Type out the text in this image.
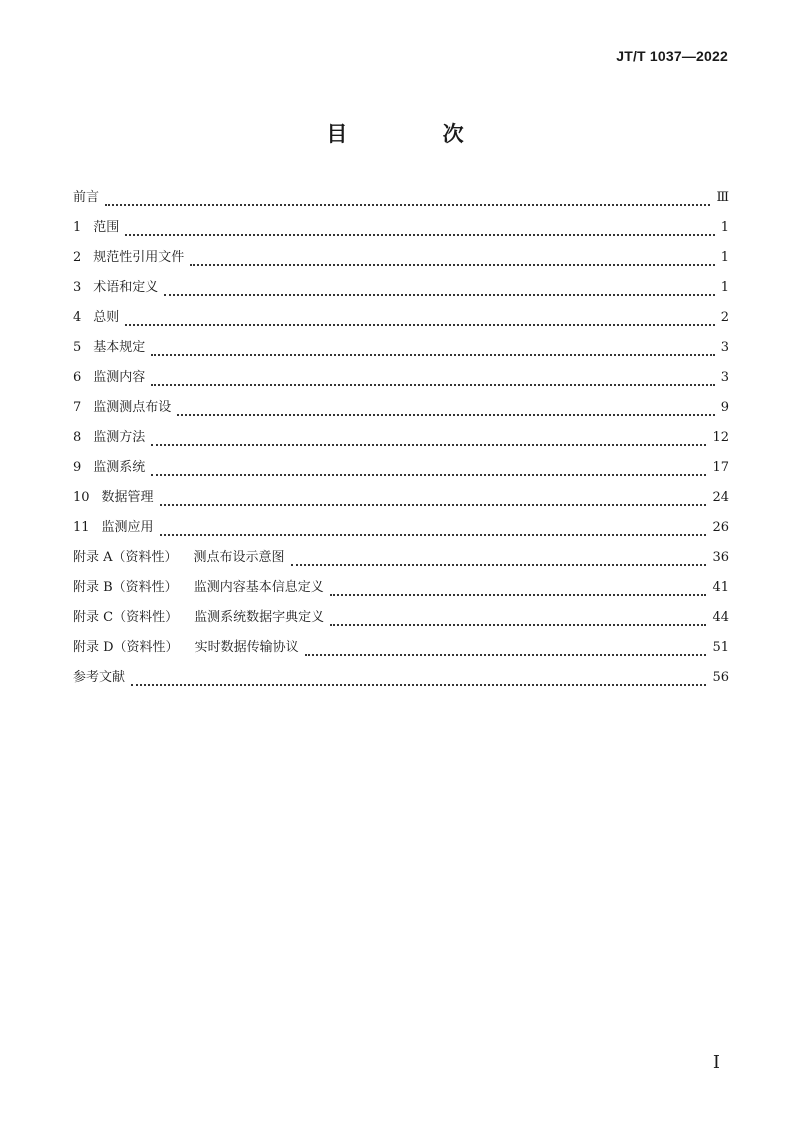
JT/T 1037—2022
目 次
前言	Ⅲ
1 范围	1
2 规范性引用文件	1
3 术语和定义	1
4 总则	2
5 基本规定	3
6 监测内容	3
7 监测测点布设	9
8 监测方法	12
9 监测系统	17
10 数据管理	24
11 监测应用	26
附录 A（资料性） 测点布设示意图	36
附录 B（资料性） 监测内容基本信息定义	41
附录 C（资料性） 监测系统数据字典定义	44
附录 D（资料性） 实时数据传输协议	51
参考文献	56
I
